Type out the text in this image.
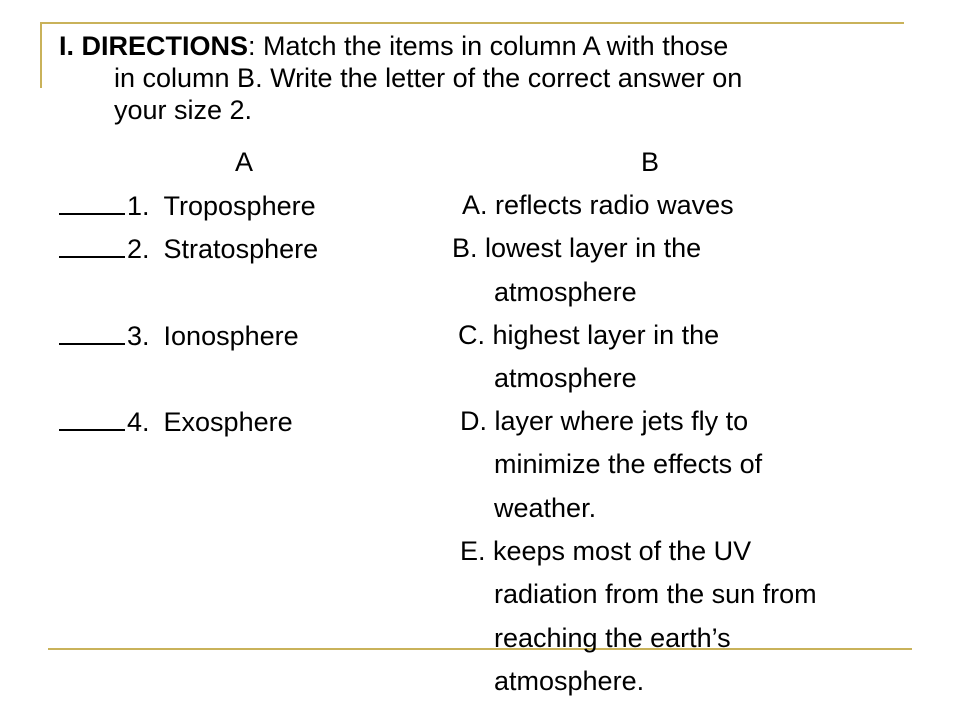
I. DIRECTIONS: Match the items in column A with those
in column B. Write the letter of the correct answer on
your size 2.
A	B
1. Troposphere
2. Stratosphere
3. Ionosphere
4. Exosphere
A. reflects radio waves
B. lowest layer in the
atmosphere
C. highest layer in the
atmosphere
D. layer where jets fly to
minimize the effects of
weather.
E. keeps most of the UV
radiation from the sun from
reaching the earth’s
atmosphere.
